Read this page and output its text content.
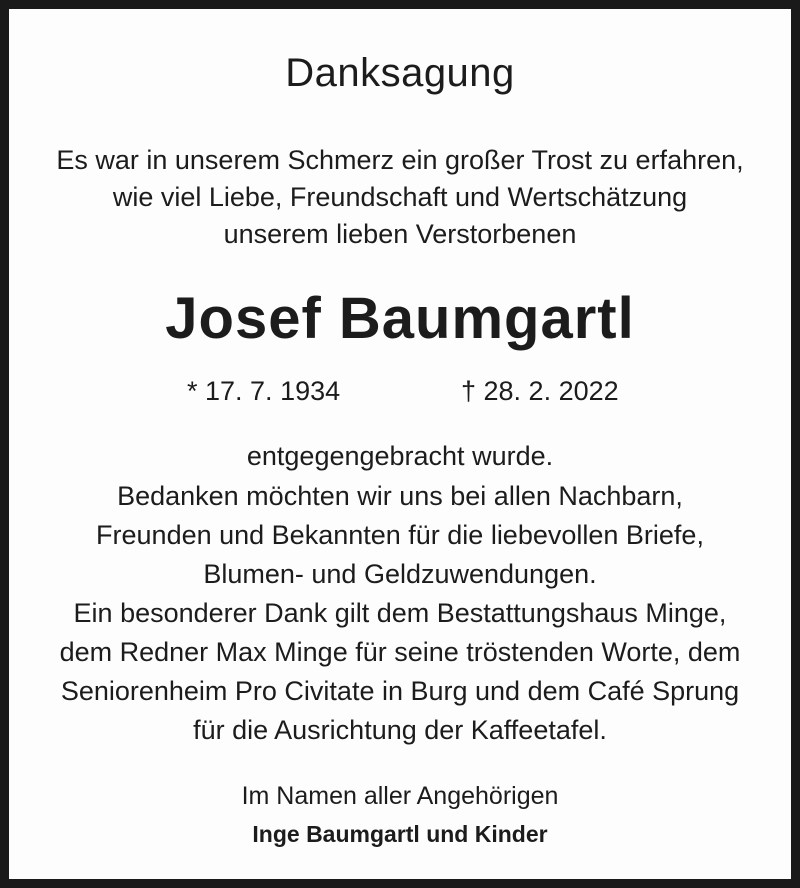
Danksagung
Es war in unserem Schmerz ein großer Trost zu erfahren,
wie viel Liebe, Freundschaft und Wertschätzung
unserem lieben Verstorbenen
Josef Baumgartl
* 17. 7. 1934	† 28. 2. 2022
entgegengebracht wurde.
Bedanken möchten wir uns bei allen Nachbarn,
Freunden und Bekannten für die liebevollen Briefe,
Blumen- und Geldzuwendungen.
Ein besonderer Dank gilt dem Bestattungshaus Minge,
dem Redner Max Minge für seine tröstenden Worte, dem
Seniorenheim Pro Civitate in Burg und dem Café Sprung
für die Ausrichtung der Kaffeetafel.
Im Namen aller Angehörigen
Inge Baumgartl und Kinder
